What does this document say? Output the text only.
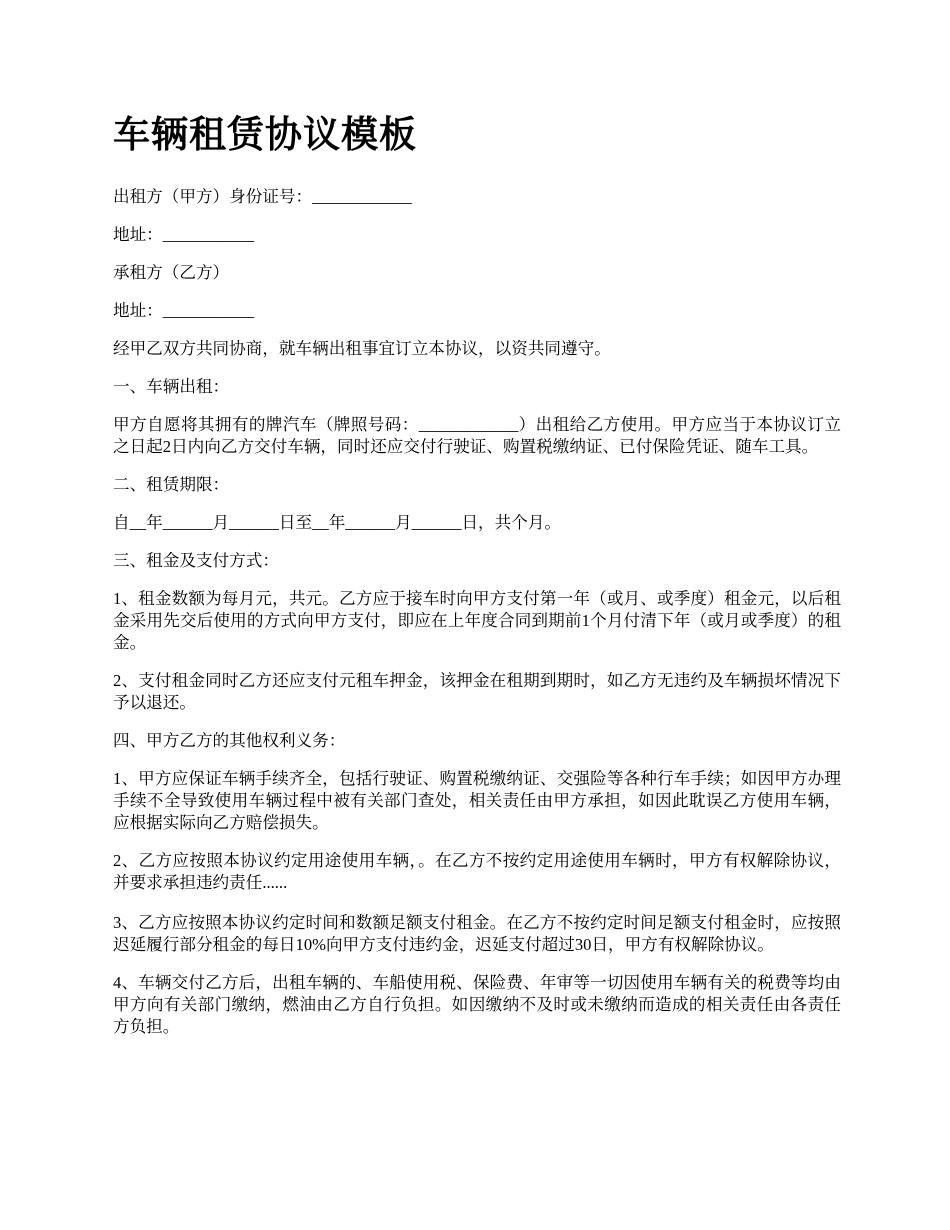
车辆租赁协议模板

出租方（甲方）身份证号：____________

地址：___________

承租方（乙方）

地址：___________

经甲乙双方共同协商，就车辆出租事宜订立本协议，以资共同遵守。

一、车辆出租：

甲方自愿将其拥有的牌汽车（牌照号码：____________）出租给乙方使用。甲方应当于本协议订立之日起2日内向乙方交付车辆，同时还应交付行驶证、购置税缴纳证、已付保险凭证、随车工具。

二、租赁期限：

自__年______月______日至__年______月______日，共个月。

三、租金及支付方式：

1、租金数额为每月元，共元。乙方应于接车时向甲方支付第一年（或月、或季度）租金元，以后租金采用先交后使用的方式向甲方支付，即应在上年度合同到期前1个月付清下年（或月或季度）的租金。

2、支付租金同时乙方还应支付元租车押金，该押金在租期到期时，如乙方无违约及车辆损坏情况下予以退还。

四、甲方乙方的其他权利义务：

1、甲方应保证车辆手续齐全，包括行驶证、购置税缴纳证、交强险等各种行车手续；如因甲方办理手续不全导致使用车辆过程中被有关部门查处，相关责任由甲方承担，如因此耽误乙方使用车辆，应根据实际向乙方赔偿损失。

2、乙方应按照本协议约定用途使用车辆，。在乙方不按约定用途使用车辆时，甲方有权解除协议，并要求承担违约责任......

3、乙方应按照本协议约定时间和数额足额支付租金。在乙方不按约定时间足额支付租金时，应按照迟延履行部分租金的每日10%向甲方支付违约金，迟延支付超过30日，甲方有权解除协议。

4、车辆交付乙方后，出租车辆的、车船使用税、保险费、年审等一切因使用车辆有关的税费等均由甲方向有关部门缴纳，燃油由乙方自行负担。如因缴纳不及时或未缴纳而造成的相关责任由各责任方负担。
